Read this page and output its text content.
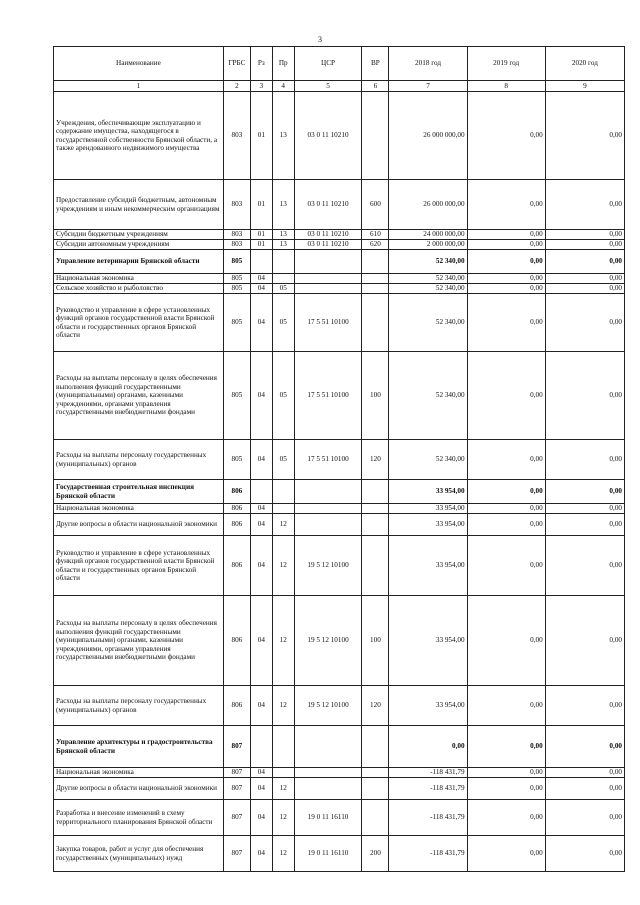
3
Наименование	ГРБС	Рз	Пр	ЦСР	ВР	2018 год	2019 год	2020 год
1	2	3	4	5	6	7	8	9
Учреждения, обеспечивающие эксплуатацию и содержание имущества, находящегося в государственной собственности Брянской области, а также арендованного недвижимого имущества	803	01	13	03 0 11 10210		26 000 000,00	0,00	0,00
Предоставление субсидий бюджетным, автономным учреждениям и иным некоммерческим организациям	803	01	13	03 0 11 10210	600	26 000 000,00	0,00	0,00
Субсидии бюджетным учреждениям	803	01	13	03 0 11 10210	610	24 000 000,00	0,00	0,00
Субсидии автономным учреждениям	803	01	13	03 0 11 10210	620	2 000 000,00	0,00	0,00
Управление ветеринарии Брянской области	805					52 340,00	0,00	0,00
Национальная экономика	805	04				52 340,00	0,00	0,00
Сельское хозяйство и рыболовство	805	04	05			52 340,00	0,00	0,00
Руководство и управление в сфере установленных функций органов государственной власти Брянской области и государственных органов Брянской области	805	04	05	17 5 51 10100		52 340,00	0,00	0,00
Расходы на выплаты персоналу в целях обеспечения выполнения функций государственными (муниципальными) органами, казенными учреждениями, органами управления государственными внебюджетными фондами	805	04	05	17 5 51 10100	100	52 340,00	0,00	0,00
Расходы на выплаты персоналу государственных (муниципальных) органов	805	04	05	17 5 51 10100	120	52 340,00	0,00	0,00
Государственная строительная инспекция Брянской области	806					33 954,00	0,00	0,00
Национальная экономика	806	04				33 954,00	0,00	0,00
Другие вопросы в области национальной экономики	806	04	12			33 954,00	0,00	0,00
Руководство и управление в сфере установленных функций органов государственной власти Брянской области и государственных органов Брянской области	806	04	12	19 5 12 10100		33 954,00	0,00	0,00
Расходы на выплаты персоналу в целях обеспечения выполнения функций государственными (муниципальными) органами, казенными учреждениями, органами управления государственными внебюджетными фондами	806	04	12	19 5 12 10100	100	33 954,00	0,00	0,00
Расходы на выплаты персоналу государственных (муниципальных) органов	806	04	12	19 5 12 10100	120	33 954,00	0,00	0,00
Управление архитектуры и градостроительства Брянской области	807					0,00	0,00	0,00
Национальная экономика	807	04				-118 431,79	0,00	0,00
Другие вопросы в области национальной экономики	807	04	12			-118 431,79	0,00	0,00
Разработка и внесение изменений в схему территориального планирования Брянской области	807	04	12	19 0 11 16110		-118 431,79	0,00	0,00
Закупка товаров, работ и услуг для обеспечения государственных (муниципальных) нужд	807	04	12	19 0 11 16110	200	-118 431,79	0,00	0,00
